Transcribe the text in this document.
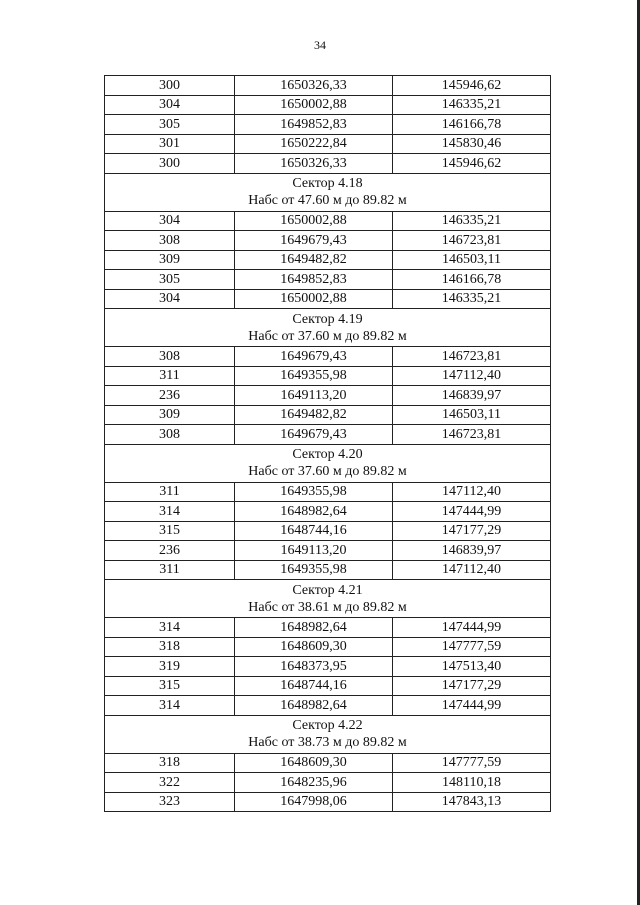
34
300	1650326,33	145946,62
304	1650002,88	146335,21
305	1649852,83	146166,78
301	1650222,84	145830,46
300	1650326,33	145946,62

Сектор 4.18
Набс от 47.60 м до 89.82 м		

304	1650002,88	146335,21
308	1649679,43	146723,81
309	1649482,82	146503,11
305	1649852,83	146166,78
304	1650002,88	146335,21

Сектор 4.19
Набс от 37.60 м до 89.82 м		

308	1649679,43	146723,81
311	1649355,98	147112,40
236	1649113,20	146839,97
309	1649482,82	146503,11
308	1649679,43	146723,81

Сектор 4.20
Набс от 37.60 м до 89.82 м		

311	1649355,98	147112,40
314	1648982,64	147444,99
315	1648744,16	147177,29
236	1649113,20	146839,97
311	1649355,98	147112,40

Сектор 4.21
Набс от 38.61 м до 89.82 м		

314	1648982,64	147444,99
318	1648609,30	147777,59
319	1648373,95	147513,40
315	1648744,16	147177,29
314	1648982,64	147444,99

Сектор 4.22
Набс от 38.73 м до 89.82 м		

318	1648609,30	147777,59
322	1648235,96	148110,18
323	1647998,06	147843,13
